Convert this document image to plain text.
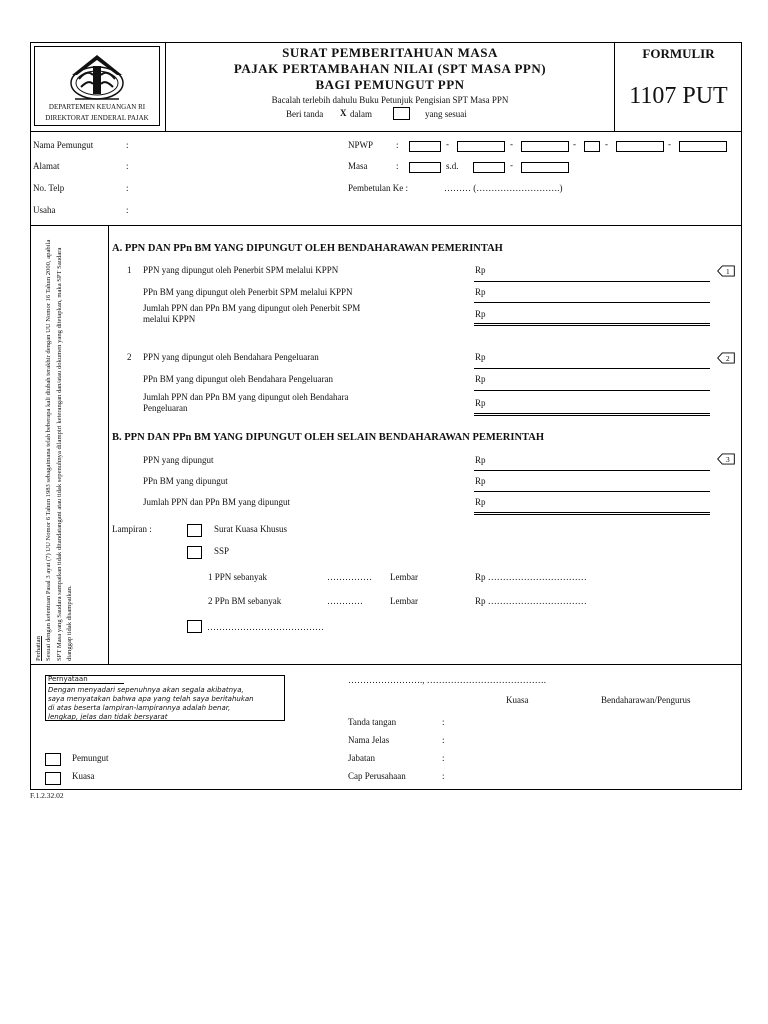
DEPARTEMEN KEUANGAN RI
DIREKTORAT JENDERAL PAJAK
SURAT PEMBERITAHUAN MASA
PAJAK PERTAMBAHAN NILAI (SPT MASA PPN)
BAGI PEMUNGUT PPN
Bacalah terlebih dahulu Buku Petunjuk Pengisian SPT Masa PPN
Beri tanda X dalam	yang sesuai
FORMULIR
1107 PUT
Nama Pemungut	:
Alamat	:
No. Telp	:
Usaha	:
NPWP	:	-	-	-	-	-
Masa	:	s.d.	-
Pembetulan Ke :	……… (……………………….)
Perhatian Sesuai dengan ketentuan Pasal 3 ayat (7) UU Nomor 6 Tahun 1983 sebagaimana telah beberapa kali diubah terakhir dengan UU Nomor 16 Tahun 2000, apabila SPT Masa yang Saudara sampaikan tidak ditandatangani atau tidak sepenuhnya dilampiri keterangan dan/atau dokumen yang ditetapkan, maka SPT Saudara dianggap tidak disampaikan.
A. PPN DAN PPn BM YANG DIPUNGUT OLEH BENDAHARAWAN PEMERINTAH
1 PPN yang dipungut oleh Penerbit SPM melalui KPPN	Rp	1
PPn BM yang dipungut oleh Penerbit SPM melalui KPPN	Rp
Jumlah PPN dan PPn BM yang dipungut oleh Penerbit SPM
melalui KPPN	Rp
2 PPN yang dipungut oleh Bendahara Pengeluaran	Rp	2
PPn BM yang dipungut oleh Bendahara Pengeluaran	Rp
Jumlah PPN dan PPn BM yang dipungut oleh Bendahara
Pengeluaran	Rp
B. PPN DAN PPn BM YANG DIPUNGUT OLEH SELAIN BENDAHARAWAN PEMERINTAH
PPN yang dipungut	Rp	3
PPn BM yang dipungut	Rp
Jumlah PPN dan PPn BM yang dipungut	Rp
Lampiran :	Surat Kuasa Khusus
SSP
1 PPN sebanyak	…………… Lembar	Rp ……………………………
2 PPn BM sebanyak	…………	Lembar	Rp ……………………………
…………………………………
Pernyataan
Dengan menyadari sepenuhnya akan segala akibatnya,
saya menyatakan bahwa apa yang telah saya beritahukan
di atas beserta lampiran-lampirannya adalah benar,
lengkap, jelas dan tidak bersyarat
……………………., ………………………………….
Kuasa	Bendaharawan/Pengurus
Tanda tangan	:
Nama Jelas	:
Jabatan	:
Cap Perusahaan	:
Pemungut
Kuasa
F.1.2.32.02
